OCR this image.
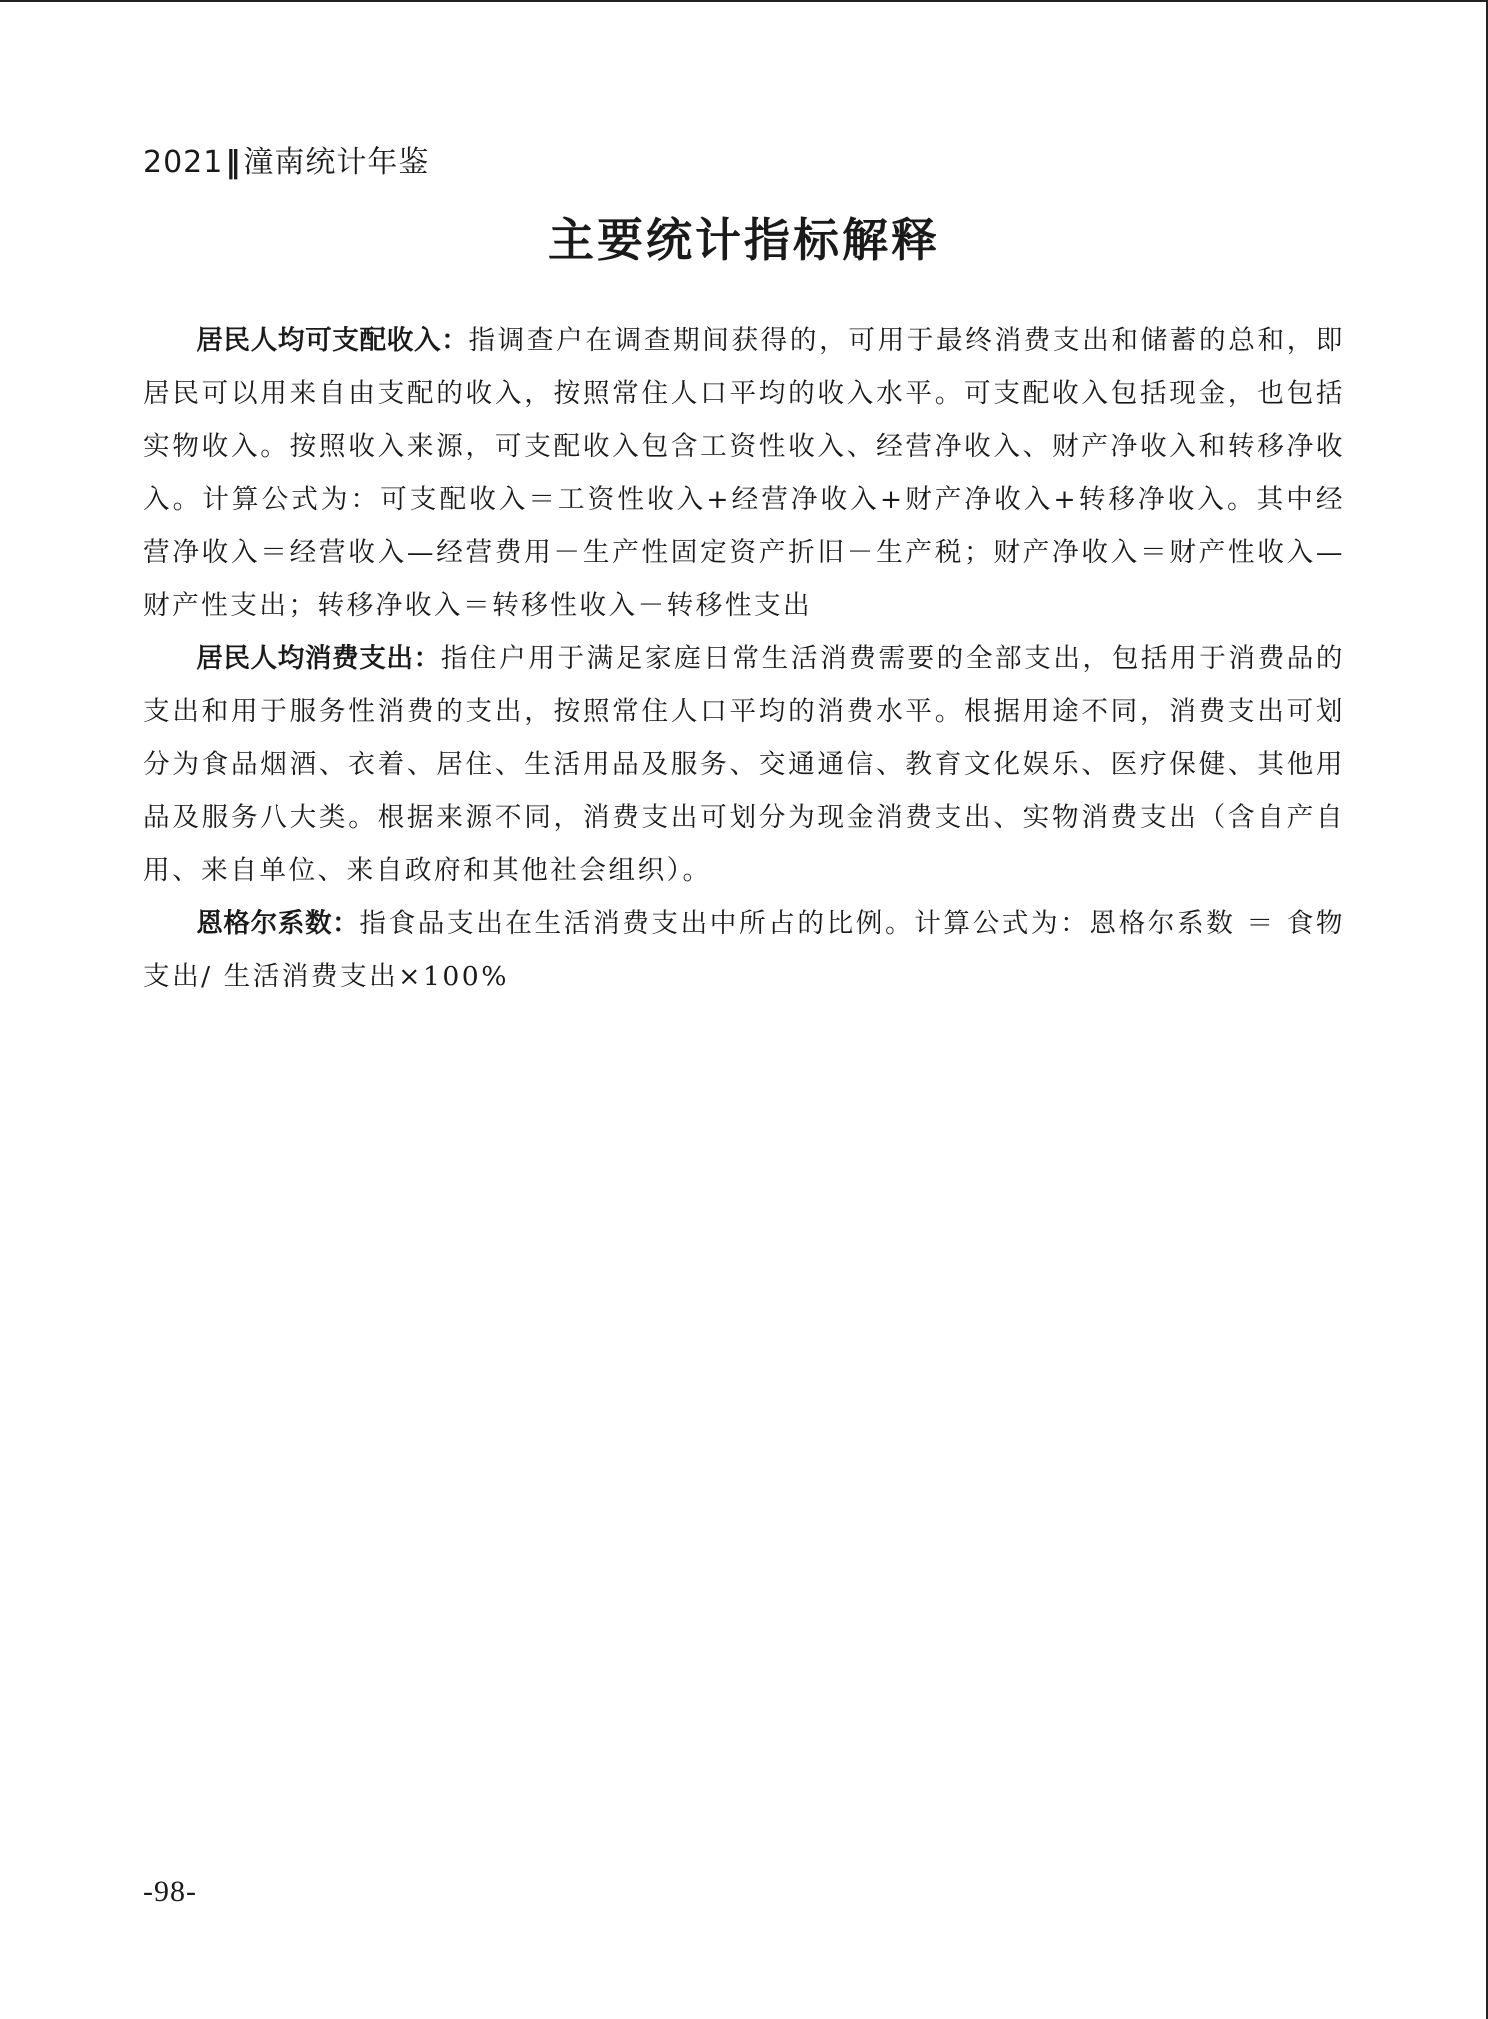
2021‖潼南统计年鉴
主要统计指标解释

居民人均可支配收入：指调查户在调查期间获得的，可用于最终消费支出和储蓄的总和，即居民可以用来自由支配的收入，按照常住人口平均的收入水平。可支配收入包括现金，也包括实物收入。按照收入来源，可支配收入包含工资性收入、经营净收入、财产净收入和转移净收入。计算公式为：可支配收入＝工资性收入+经营净收入+财产净收入+转移净收入。其中经营净收入＝经营收入—经营费用－生产性固定资产折旧－生产税；财产净收入＝财产性收入—财产性支出；转移净收入＝转移性收入－转移性支出

居民人均消费支出：指住户用于满足家庭日常生活消费需要的全部支出，包括用于消费品的支出和用于服务性消费的支出，按照常住人口平均的消费水平。根据用途不同，消费支出可划分为食品烟酒、衣着、居住、生活用品及服务、交通通信、教育文化娱乐、医疗保健、其他用品及服务八大类。根据来源不同，消费支出可划分为现金消费支出、实物消费支出（含自产自用、来自单位、来自政府和其他社会组织）。

恩格尔系数：指食品支出在生活消费支出中所占的比例。计算公式为：恩格尔系数 ＝ 食物支出/ 生活消费支出×100%

-98-
